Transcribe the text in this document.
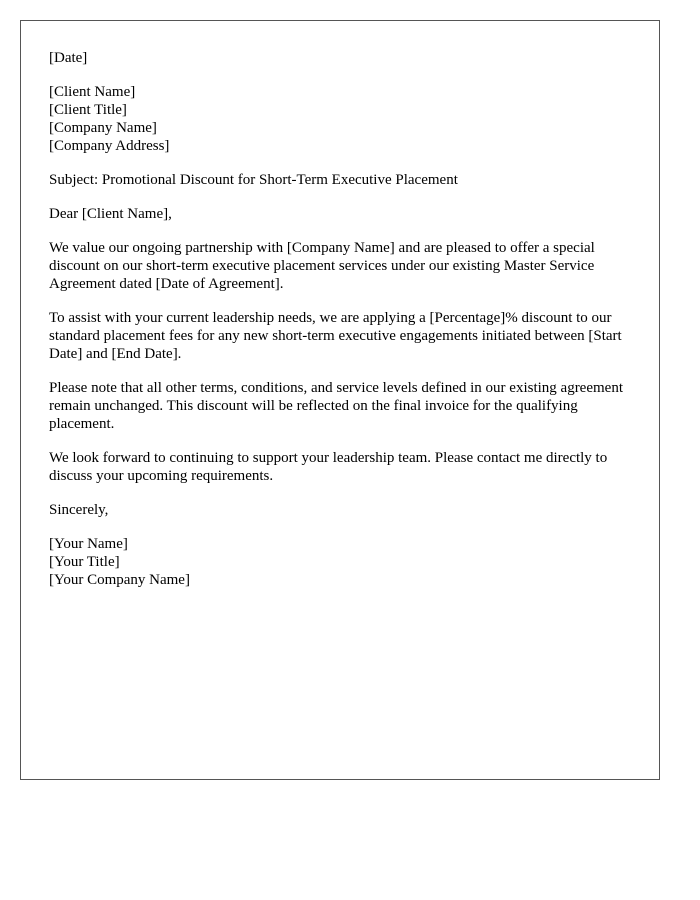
[Date]
[Client Name]
[Client Title]
[Company Name]
[Company Address]
Subject: Promotional Discount for Short-Term Executive Placement
Dear [Client Name],

We value our ongoing partnership with [Company Name] and are pleased to offer a special discount on our short-term executive placement services under our existing Master Service Agreement dated [Date of Agreement].

To assist with your current leadership needs, we are applying a [Percentage]% discount to our standard placement fees for any new short-term executive engagements initiated between [Start Date] and [End Date].

Please note that all other terms, conditions, and service levels defined in our existing agreement remain unchanged. This discount will be reflected on the final invoice for the qualifying placement.

We look forward to continuing to support your leadership team. Please contact me directly to discuss your upcoming requirements.

Sincerely,
[Your Name]
[Your Title]
[Your Company Name]
